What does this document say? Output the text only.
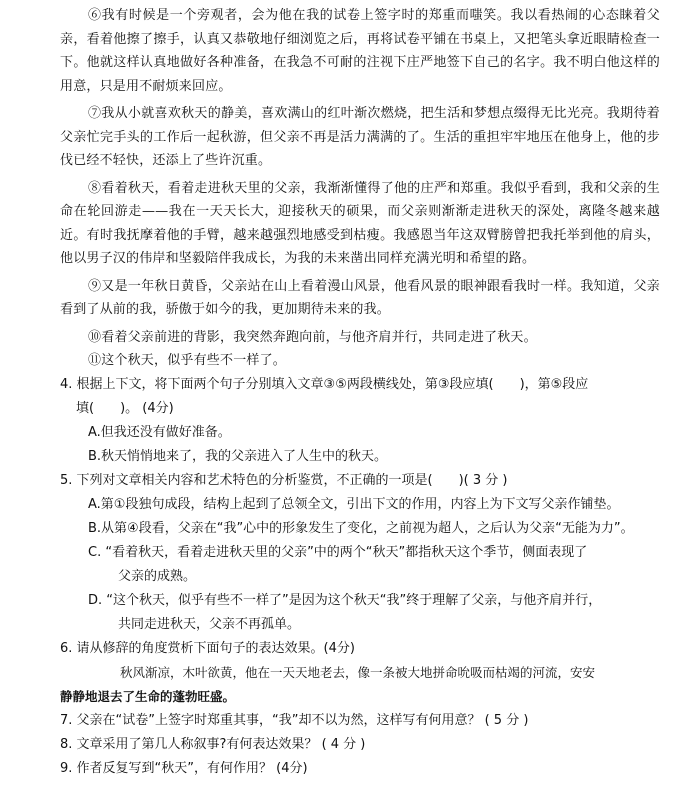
⑥我有时候是一个旁观者，会为他在我的试卷上签字时的郑重而嗤笑。我以看热闹的心态睐着父亲，看着他擦了擦手，认真又恭敬地仔细浏览之后，再将试卷平铺在书桌上，又把笔头拿近眼睛检查一下。他就这样认真地做好各种准备，在我急不可耐的注视下庄严地签下自己的名字。我不明白他这样的用意，只是用不耐烦来回应。

⑦我从小就喜欢秋天的静美，喜欢满山的红叶渐次燃烧，把生活和梦想点缀得无比光亮。我期待着父亲忙完手头的工作后一起秋游，但父亲不再是活力满满的了。生活的重担牢牢地压在他身上，他的步伐已经不轻快，还添上了些许沉重。

⑧看着秋天，看着走进秋天里的父亲，我渐渐懂得了他的庄严和郑重。我似乎看到，我和父亲的生命在轮回游走——我在一天天长大，迎接秋天的硕果，而父亲则渐渐走进秋天的深处，离隆冬越来越近。有时我抚摩着他的手臂，越来越强烈地感受到枯瘦。我感恩当年这双臂膀曾把我托举到他的肩头，他以男子汉的伟岸和坚毅陪伴我成长，为我的未来凿出同样充满光明和希望的路。

⑨又是一年秋日黄昏，父亲站在山上看着漫山风景，他看风景的眼神跟看我时一样。我知道，父亲看到了从前的我，骄傲于如今的我，更加期待未来的我。

⑩看着父亲前进的背影，我突然奔跑向前，与他齐肩并行，共同走进了秋天。

⑪这个秋天，似乎有些不一样了。

4. 根据上下文，将下面两个句子分别填入文章③⑤两段横线处，第③段应填(　　)，第⑤段应
填(　　)。 (4分)
A.但我还没有做好准备。
B.秋天悄悄地来了，我的父亲进入了人生中的秋天。
5. 下列对文章相关内容和艺术特色的分析鉴赏，不正确的一项是(　　)( 3 分 )
A.第①段独句成段，结构上起到了总领全文，引出下文的作用，内容上为下文写父亲作铺垫。
B.从第④段看，父亲在“我”心中的形象发生了变化，之前视为超人，之后认为父亲“无能为力”。
C. “看着秋天，看着走进秋天里的父亲”中的两个“秋天”都指秋天这个季节，侧面表现了
父亲的成熟。
D. “这个秋天，似乎有些不一样了”是因为这个秋天“我”终于理解了父亲，与他齐肩并行，
共同走进秋天，父亲不再孤单。
6. 请从修辞的角度赏析下面句子的表达效果。(4分)
秋风渐凉，木叶欲黄，他在一天天地老去，像一条被大地拼命吮吸而枯竭的河流，安安
静静地退去了生命的蓬勃旺盛。
7. 父亲在“试卷”上签字时郑重其事，“我”却不以为然，这样写有何用意？ ( 5 分 )
8. 文章采用了第几人称叙事?有何表达效果？ ( 4 分 )
9. 作者反复写到“秋天”，有何作用？ (4分)
